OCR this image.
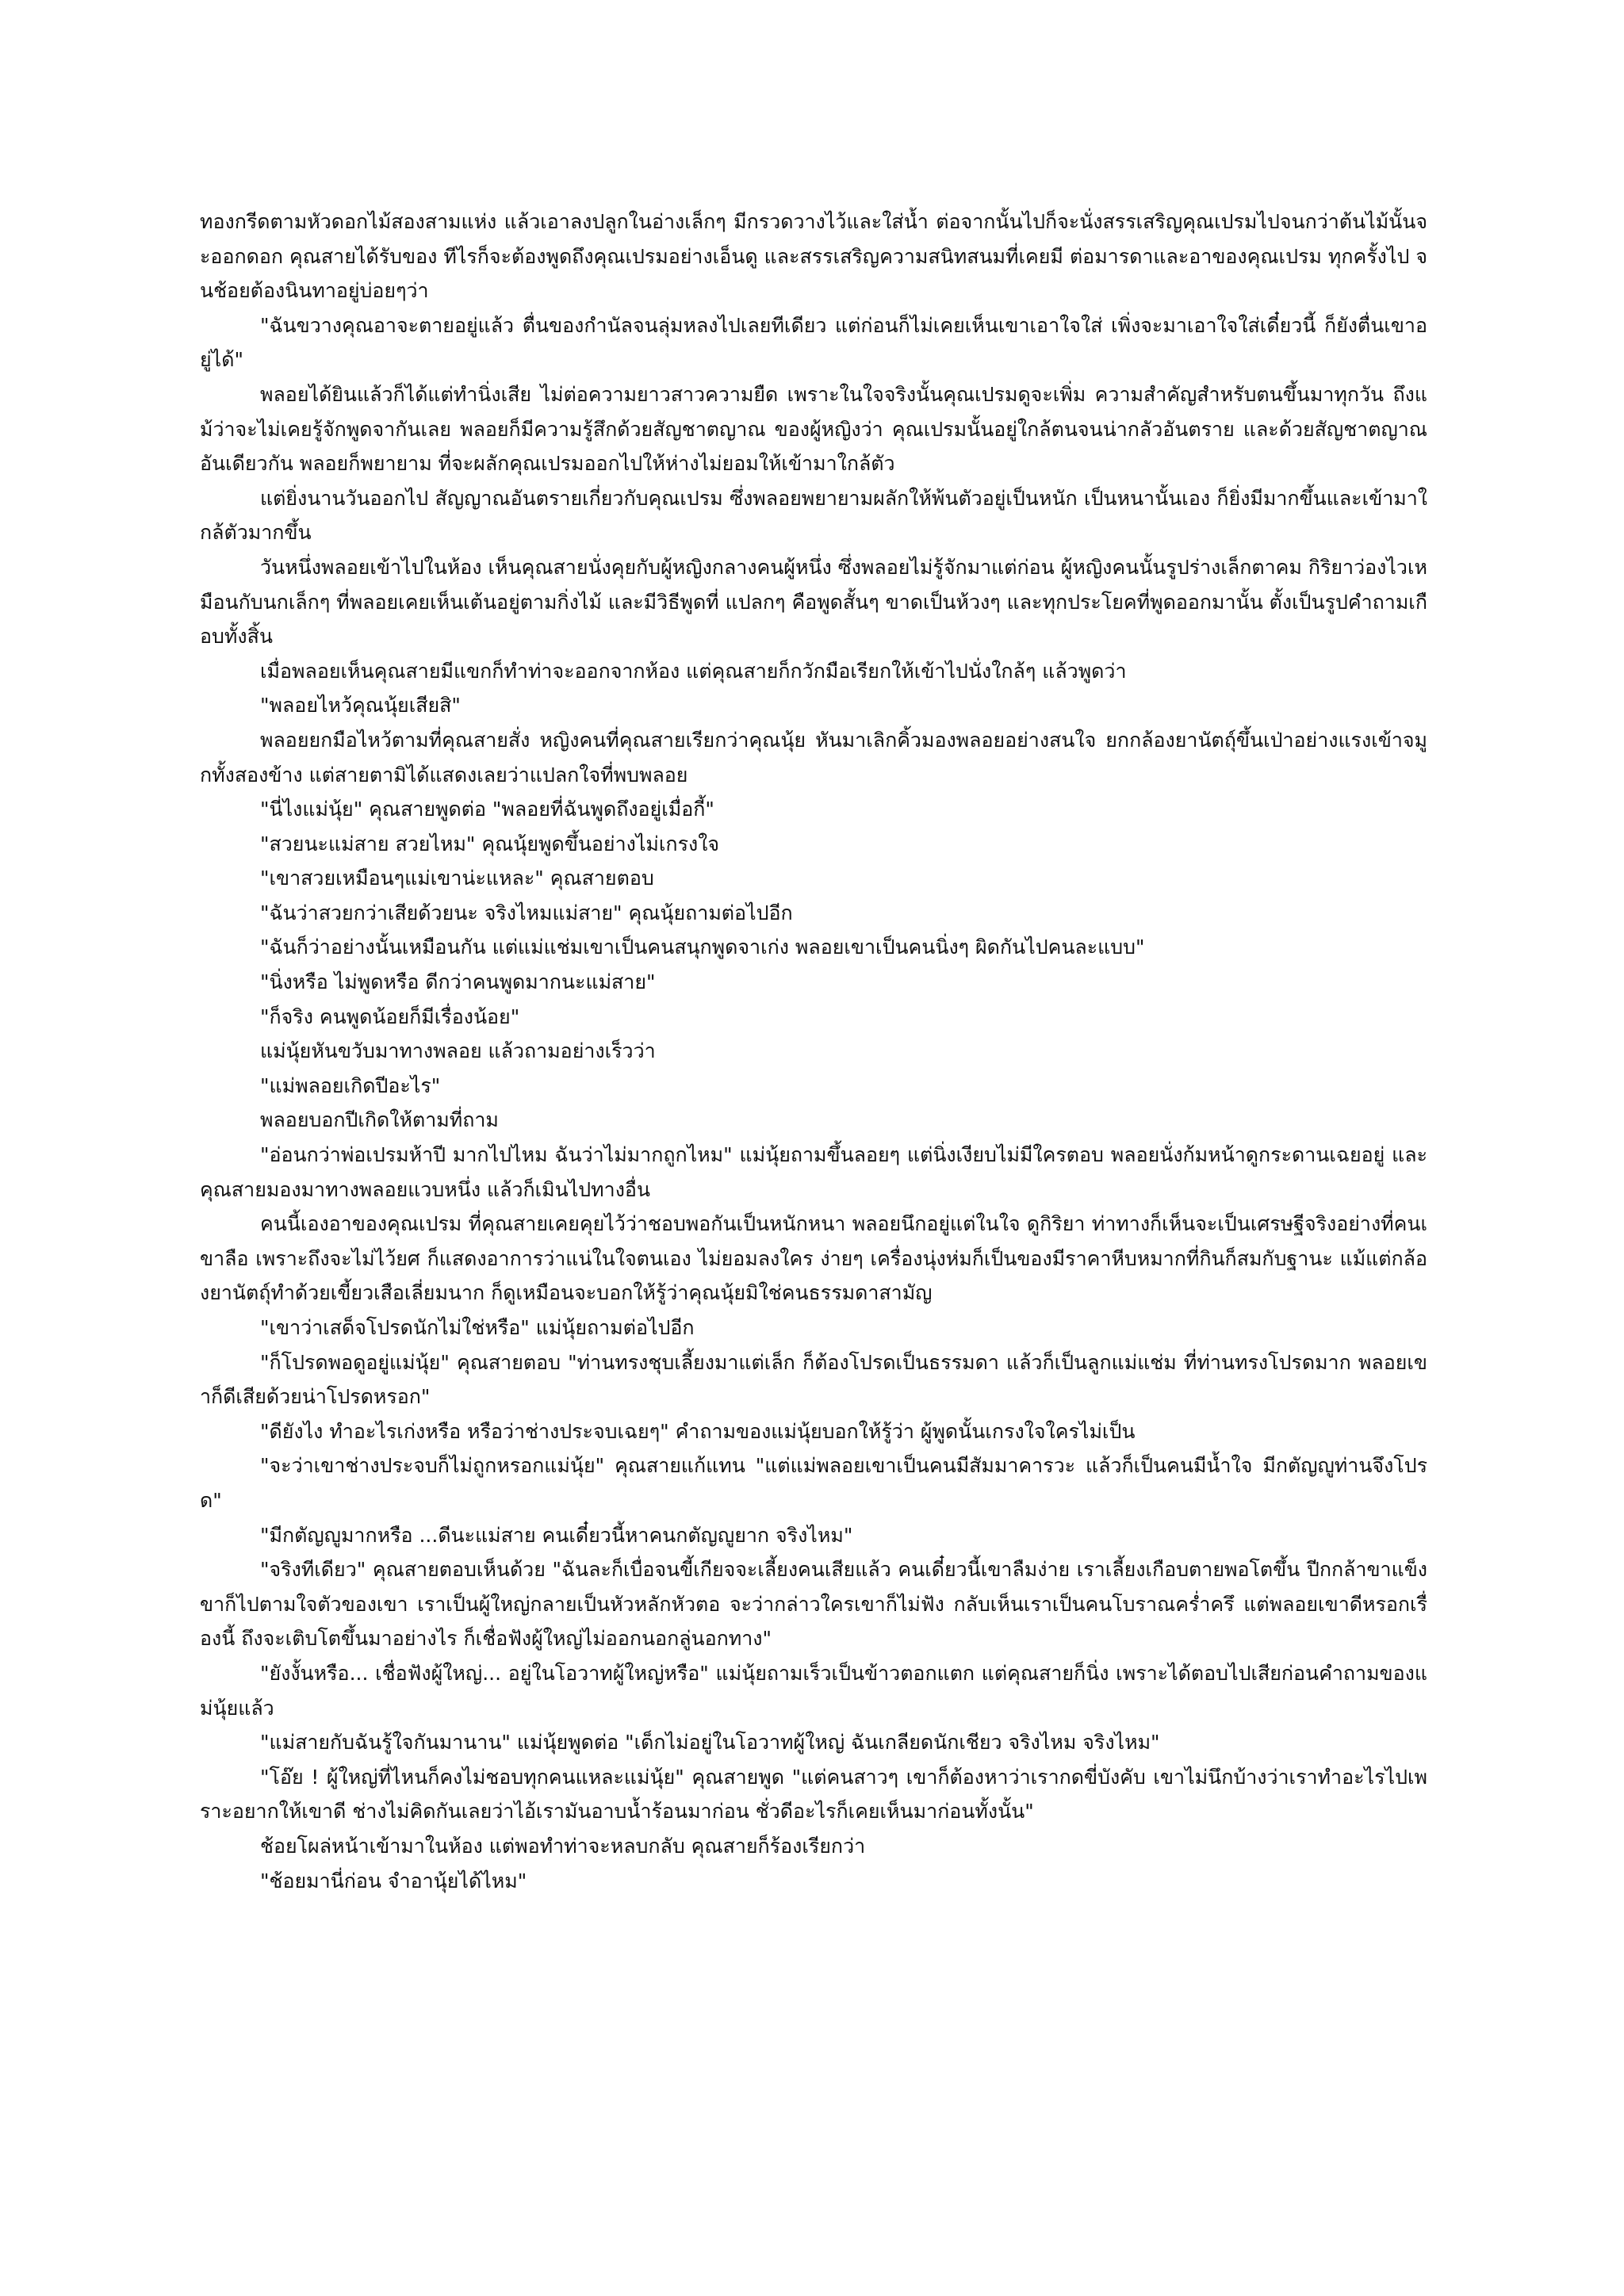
ทองกรีดตามหัวดอกไม้สองสามแห่ง แล้วเอาลงปลูกในอ่างเล็กๆ มีกรวดวางไว้และใส่น้ำ ต่อจากนั้นไปก็จะนั่งสรรเสริญคุณเปรมไปจนกว่าต้นไม้นั้นจะออกดอก คุณสายได้รับของ ทีไรก็จะต้องพูดถึงคุณเปรมอย่างเอ็นดู และสรรเสริญความสนิทสนมที่เคยมี ต่อมารดาและอาของคุณเปรม ทุกครั้งไป จนช้อยต้องนินทาอยู่บ่อยๆว่า

"ฉันขวางคุณอาจะตายอยู่แล้ว ตื่นของกำนัลจนลุ่มหลงไปเลยทีเดียว แต่ก่อนก็ไม่เคยเห็นเขาเอาใจใส่ เพิ่งจะมาเอาใจใส่เดี๋ยวนี้ ก็ยังตื่นเขาอยู่ได้"

พลอยได้ยินแล้วก็ได้แต่ทำนิ่งเสีย ไม่ต่อความยาวสาวความยืด เพราะในใจจริงนั้นคุณเปรมดูจะเพิ่ม ความสำคัญสำหรับตนขึ้นมาทุกวัน ถึงแม้ว่าจะไม่เคยรู้จักพูดจากันเลย พลอยก็มีความรู้สึกด้วยสัญชาตญาณ ของผู้หญิงว่า คุณเปรมนั้นอยู่ใกล้ตนจนน่ากลัวอันตราย และด้วยสัญชาตญาณอันเดียวกัน พลอยก็พยายาม ที่จะผลักคุณเปรมออกไปให้ห่างไม่ยอมให้เข้ามาใกล้ตัว

แต่ยิ่งนานวันออกไป สัญญาณอันตรายเกี่ยวกับคุณเปรม ซึ่งพลอยพยายามผลักให้พ้นตัวอยู่เป็นหนัก เป็นหนานั้นเอง ก็ยิ่งมีมากขึ้นและเข้ามาใกล้ตัวมากขึ้น

วันหนึ่งพลอยเข้าไปในห้อง เห็นคุณสายนั่งคุยกับผู้หญิงกลางคนผู้หนึ่ง ซึ่งพลอยไม่รู้จักมาแต่ก่อน ผู้หญิงคนนั้นรูปร่างเล็กตาคม กิริยาว่องไวเหมือนกับนกเล็กๆ ที่พลอยเคยเห็นเต้นอยู่ตามกิ่งไม้ และมีวิธีพูดที่ แปลกๆ คือพูดสั้นๆ ขาดเป็นห้วงๆ และทุกประโยคที่พูดออกมานั้น ตั้งเป็นรูปคำถามเกือบทั้งสิ้น

เมื่อพลอยเห็นคุณสายมีแขกก็ทำท่าจะออกจากห้อง แต่คุณสายก็กวักมือเรียกให้เข้าไปนั่งใกล้ๆ แล้วพูดว่า

"พลอยไหว้คุณนุ้ยเสียสิ"

พลอยยกมือไหว้ตามที่คุณสายสั่ง หญิงคนที่คุณสายเรียกว่าคุณนุ้ย หันมาเลิกคิ้วมองพลอยอย่างสนใจ ยกกล้องยานัตถุ์ขึ้นเป่าอย่างแรงเข้าจมูกทั้งสองข้าง แต่สายตามิได้แสดงเลยว่าแปลกใจที่พบพลอย

"นี่ไงแม่นุ้ย" คุณสายพูดต่อ "พลอยที่ฉันพูดถึงอยู่เมื่อกี้"

"สวยนะแม่สาย สวยไหม" คุณนุ้ยพูดขึ้นอย่างไม่เกรงใจ

"เขาสวยเหมือนๆแม่เขาน่ะแหละ" คุณสายตอบ

"ฉันว่าสวยกว่าเสียด้วยนะ จริงไหมแม่สาย" คุณนุ้ยถามต่อไปอีก

"ฉันก็ว่าอย่างนั้นเหมือนกัน แต่แม่แช่มเขาเป็นคนสนุกพูดจาเก่ง พลอยเขาเป็นคนนิ่งๆ ผิดกันไปคนละแบบ"

"นิ่งหรือ ไม่พูดหรือ ดีกว่าคนพูดมากนะแม่สาย"

"ก็จริง คนพูดน้อยก็มีเรื่องน้อย"

แม่นุ้ยหันขวับมาทางพลอย แล้วถามอย่างเร็วว่า

"แม่พลอยเกิดปีอะไร"

พลอยบอกปีเกิดให้ตามที่ถาม

"อ่อนกว่าพ่อเปรมห้าปี มากไปไหม ฉันว่าไม่มากถูกไหม" แม่นุ้ยถามขึ้นลอยๆ แต่นิ่งเงียบไม่มีใครตอบ พลอยนั่งก้มหน้าดูกระดานเฉยอยู่ และคุณสายมองมาทางพลอยแวบหนึ่ง แล้วก็เมินไปทางอื่น

คนนี้เองอาของคุณเปรม ที่คุณสายเคยคุยไว้ว่าชอบพอกันเป็นหนักหนา พลอยนึกอยู่แต่ในใจ ดูกิริยา ท่าทางก็เห็นจะเป็นเศรษฐีจริงอย่างที่คนเขาลือ เพราะถึงจะไม่ไว้ยศ ก็แสดงอาการว่าแน่ในใจตนเอง ไม่ยอมลงใคร ง่ายๆ เครื่องนุ่งห่มก็เป็นของมีราคาหีบหมากที่กินก็สมกับฐานะ แม้แต่กล้องยานัตถุ์ทำด้วยเขี้ยวเสือเลี่ยมนาก ก็ดูเหมือนจะบอกให้รู้ว่าคุณนุ้ยมิใช่คนธรรมดาสามัญ

"เขาว่าเสด็จโปรดนักไม่ใช่หรือ" แม่นุ้ยถามต่อไปอีก

"ก็โปรดพอดูอยู่แม่นุ้ย" คุณสายตอบ "ท่านทรงชุบเลี้ยงมาแต่เล็ก ก็ต้องโปรดเป็นธรรมดา แล้วก็เป็นลูกแม่แช่ม ที่ท่านทรงโปรดมาก พลอยเขาก็ดีเสียด้วยน่าโปรดหรอก"

"ดียังไง ทำอะไรเก่งหรือ หรือว่าช่างประจบเฉยๆ" คำถามของแม่นุ้ยบอกให้รู้ว่า ผู้พูดนั้นเกรงใจใครไม่เป็น

"จะว่าเขาช่างประจบก็ไม่ถูกหรอกแม่นุ้ย" คุณสายแก้แทน "แต่แม่พลอยเขาเป็นคนมีสัมมาคารวะ แล้วก็เป็นคนมีน้ำใจ มีกตัญญูท่านจึงโปรด"

"มีกตัญญูมากหรือ ...ดีนะแม่สาย คนเดี๋ยวนี้หาคนกตัญญูยาก จริงไหม"

"จริงทีเดียว" คุณสายตอบเห็นด้วย "ฉันละก็เบื่อจนขี้เกียจจะเลี้ยงคนเสียแล้ว คนเดี๋ยวนี้เขาลืมง่าย เราเลี้ยงเกือบตายพอโตขึ้น ปีกกล้าขาแข็งขาก็ไปตามใจตัวของเขา เราเป็นผู้ใหญ่กลายเป็นหัวหลักหัวตอ จะว่ากล่าวใครเขาก็ไม่ฟัง กลับเห็นเราเป็นคนโบราณคร่ำครึ แต่พลอยเขาดีหรอกเรื่องนี้ ถึงจะเติบโตขึ้นมาอย่างไร ก็เชื่อฟังผู้ใหญ่ไม่ออกนอกลู่นอกทาง"

"ยังงั้นหรือ... เชื่อฟังผู้ใหญ่... อยู่ในโอวาทผู้ใหญ่หรือ" แม่นุ้ยถามเร็วเป็นข้าวตอกแตก แต่คุณสายก็นิ่ง เพราะได้ตอบไปเสียก่อนคำถามของแม่นุ้ยแล้ว

"แม่สายกับฉันรู้ใจกันมานาน" แม่นุ้ยพูดต่อ "เด็กไม่อยู่ในโอวาทผู้ใหญ่ ฉันเกลียดนักเชียว จริงไหม จริงไหม"

"โอ๊ย ! ผู้ใหญ่ที่ไหนก็คงไม่ชอบทุกคนแหละแม่นุ้ย" คุณสายพูด "แต่คนสาวๆ เขาก็ต้องหาว่าเรากดขี่บังคับ เขาไม่นึกบ้างว่าเราทำอะไรไปเพราะอยากให้เขาดี ช่างไม่คิดกันเลยว่าไอ้เรามันอาบน้ำร้อนมาก่อน ชั่วดีอะไรก็เคยเห็นมาก่อนทั้งนั้น"

ช้อยโผล่หน้าเข้ามาในห้อง แต่พอทำท่าจะหลบกลับ คุณสายก็ร้องเรียกว่า

"ช้อยมานี่ก่อน จำอานุ้ยได้ไหม"
